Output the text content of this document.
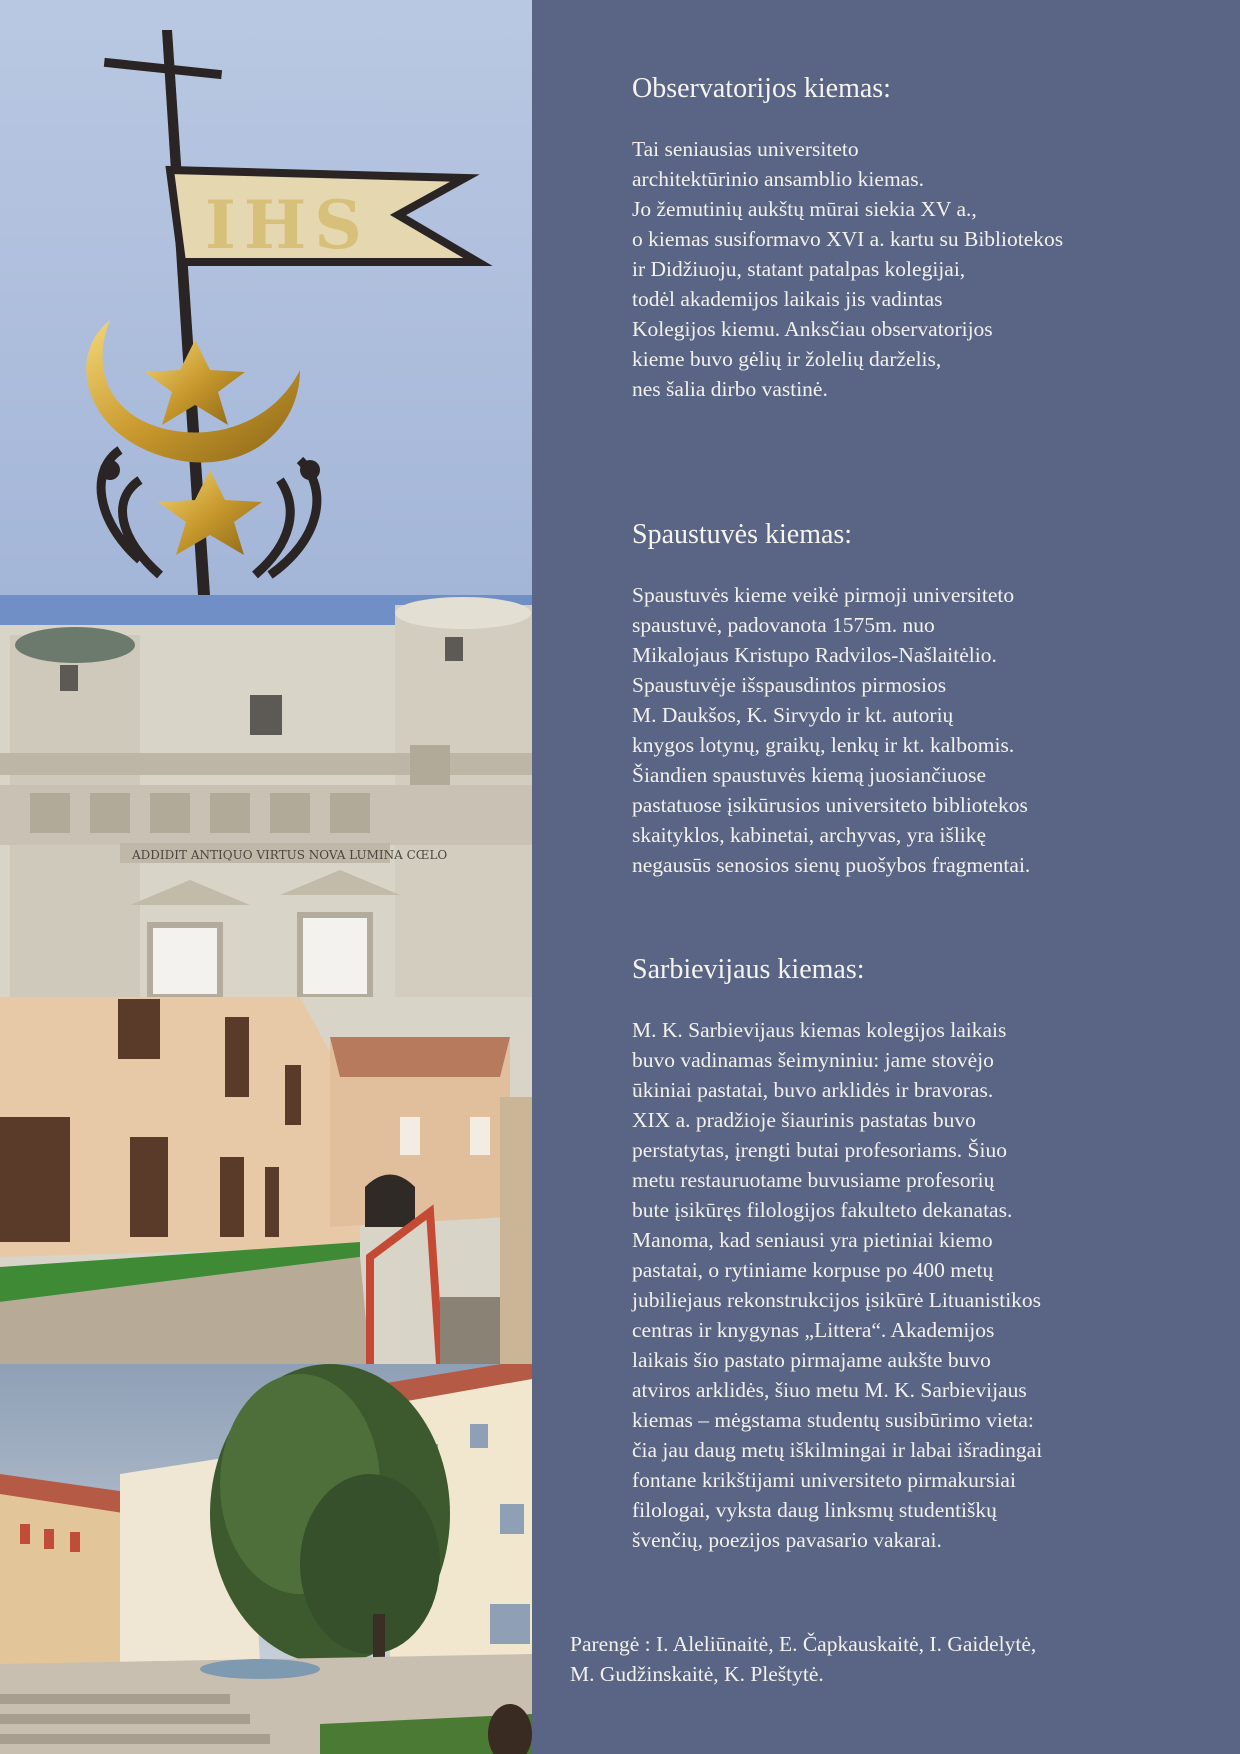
IHS
ADDIDIT ANTIQUO VIRTUS NOVA LUMINA CŒLO
Observatorijos kiemas:
Tai seniausias universiteto
architektūrinio ansamblio kiemas.
Jo žemutinių aukštų mūrai siekia XV a.,
o kiemas susiformavo XVI a. kartu su Bibliotekos
ir Didžiuoju, statant patalpas kolegijai,
todėl akademijos laikais jis vadintas
Kolegijos kiemu. Anksčiau observatorijos
kieme buvo gėlių ir žolelių darželis,
nes šalia dirbo vastinė.
Spaustuvės kiemas:
Spaustuvės kieme veikė pirmoji universiteto
spaustuvė, padovanota 1575m. nuo
Mikalojaus Kristupo Radvilos-Našlaitėlio.
Spaustuvėje išspausdintos pirmosios
M. Daukšos, K. Sirvydo ir kt. autorių
knygos lotynų, graikų, lenkų ir kt. kalbomis.
Šiandien spaustuvės kiemą juosiančiuose
pastatuose įsikūrusios universiteto bibliotekos
skaityklos, kabinetai, archyvas, yra išlikę
negausūs senosios sienų puošybos fragmentai.
Sarbievijaus kiemas:
M. K. Sarbievijaus kiemas kolegijos laikais
buvo vadinamas šeimyniniu: jame stovėjo
ūkiniai pastatai, buvo arklidės ir bravoras.
XIX a. pradžioje šiaurinis pastatas buvo
perstatytas, įrengti butai profesoriams. Šiuo
metu restauruotame buvusiame profesorių
bute įsikūręs filologijos fakulteto dekanatas.
Manoma, kad seniausi yra pietiniai kiemo
pastatai, o rytiniame korpuse po 400 metų
jubiliejaus rekonstrukcijos įsikūrė Lituanistikos
centras ir knygynas „Littera“. Akademijos
laikais šio pastato pirmajame aukšte buvo
atviros arklidės, šiuo metu M. K. Sarbievijaus
kiemas – mėgstama studentų susibūrimo vieta:
čia jau daug metų iškilmingai ir labai išradingai
fontane krikštijami universiteto pirmakursiai
filologai, vyksta daug linksmų studentiškų
švenčių, poezijos pavasario vakarai.
Parengė : I. Aleliūnaitė, E. Čapkauskaitė, I. Gaidelytė,
M. Gudžinskaitė, K. Pleštytė.
